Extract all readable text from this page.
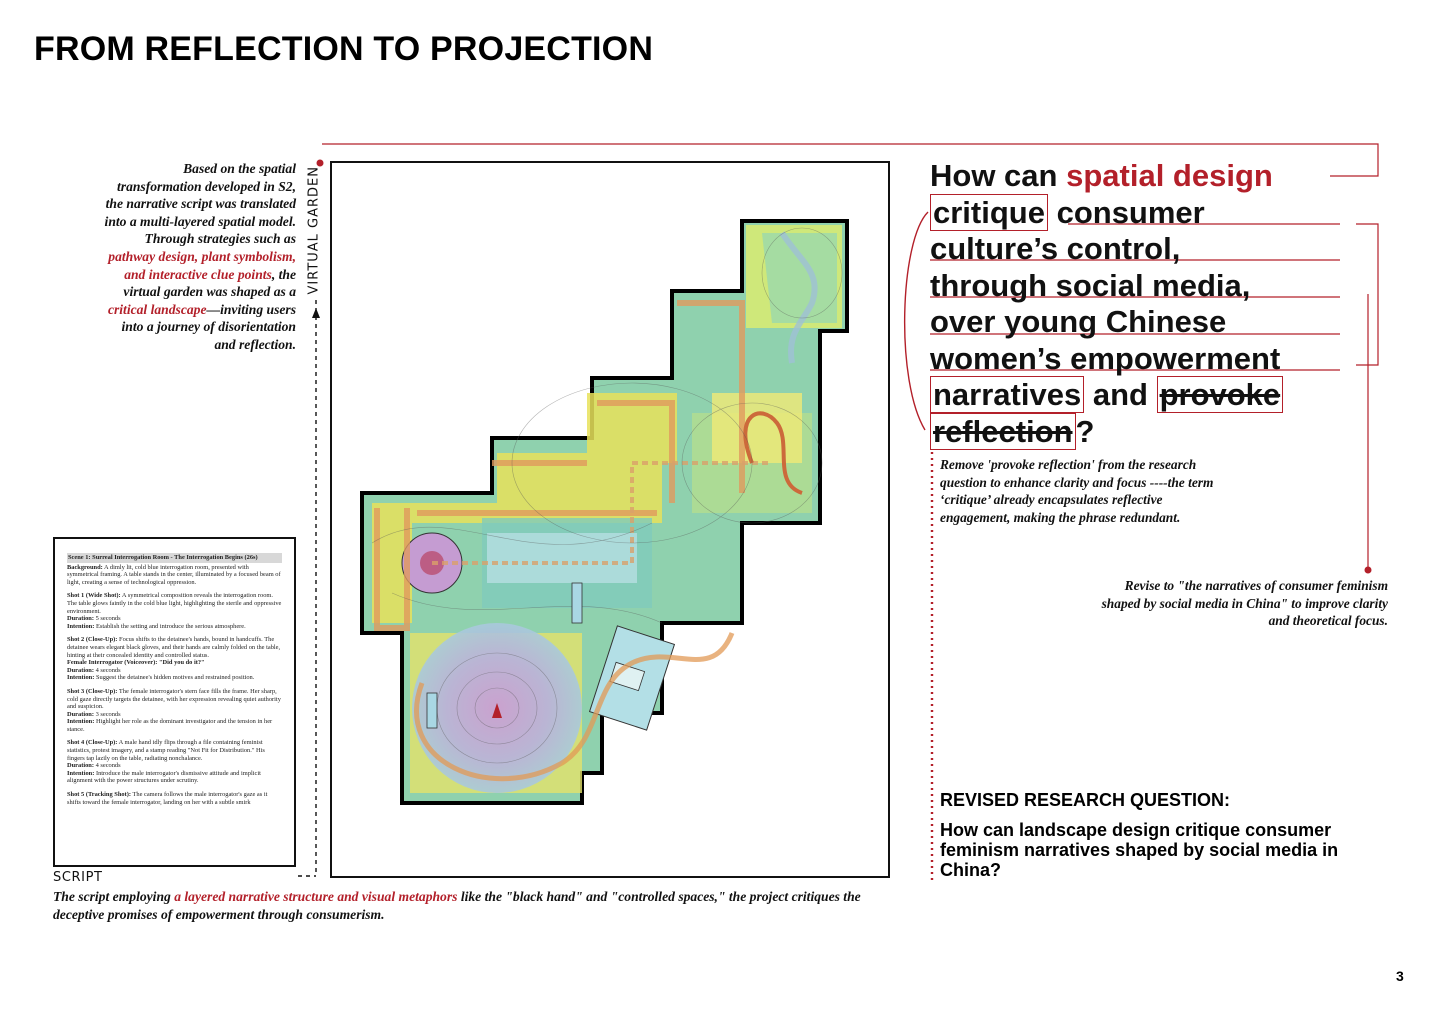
FROM REFLECTION TO PROJECTION
Based on the spatial transformation developed in S2, the narrative script was translated into a multi-layered spatial model. Through strategies such as pathway design, plant symbolism, and interactive clue points, the virtual garden was shaped as a critical landscape—inviting users into a journey of disorientation and reflection.
VIRTUAL GARDEN
Scene 1: Surreal Interrogation Room - The Interrogation Begins (26s)

Background: A dimly lit, cold blue interrogation room, presented with symmetrical framing. A table stands in the center, illuminated by a focused beam of light, creating a sense of technological oppression.

Shot 1 (Wide Shot): A symmetrical composition reveals the interrogation room. The table glows faintly in the cold blue light, highlighting the sterile and oppressive environment.
Duration: 5 seconds
Intention: Establish the setting and introduce the serious atmosphere.

Shot 2 (Close-Up): Focus shifts to the detainee's hands, bound in handcuffs. The detainee wears elegant black gloves, and their hands are calmly folded on the table, hinting at their concealed identity and controlled status.
Female Interrogator (Voiceover): "Did you do it?"
Duration: 4 seconds
Intention: Suggest the detainee's hidden motives and restrained position.

Shot 3 (Close-Up): The female interrogator's stern face fills the frame. Her sharp, cold gaze directly targets the detainee, with her expression revealing quiet authority and suspicion.
Duration: 3 seconds
Intention: Highlight her role as the dominant investigator and the tension in her stance.

Shot 4 (Close-Up): A male hand idly flips through a file containing feminist statistics, protest imagery, and a stamp reading "Not Fit for Distribution." His fingers tap lazily on the table, radiating nonchalance.
Duration: 4 seconds
Intention: Introduce the male interrogator's dismissive attitude and implicit alignment with the power structures under scrutiny.

Shot 5 (Tracking Shot): The camera follows the male interrogator's gaze as it shifts toward the female interrogator, landing on her with a subtle smirk

SCRIPT
The script employing a layered narrative structure and visual metaphors like the "black hand" and "controlled spaces," the project critiques the deceptive promises of empowerment through consumerism.
How can spatial design
critique consumer
culture’s control,
through social media,
over young Chinese
women’s empowerment
narratives and provoke
reflection?
Remove 'provoke reflection' from the research question to enhance clarity and focus ----the term ‘critique’ already encapsulates reflective engagement, making the phrase redundant.
Revise to "the narratives of consumer feminism shaped by social media in China" to improve clarity and theoretical focus.
REVISED RESEARCH QUESTION:
How can landscape design critique consumer feminism narratives shaped by social media in China?
3
